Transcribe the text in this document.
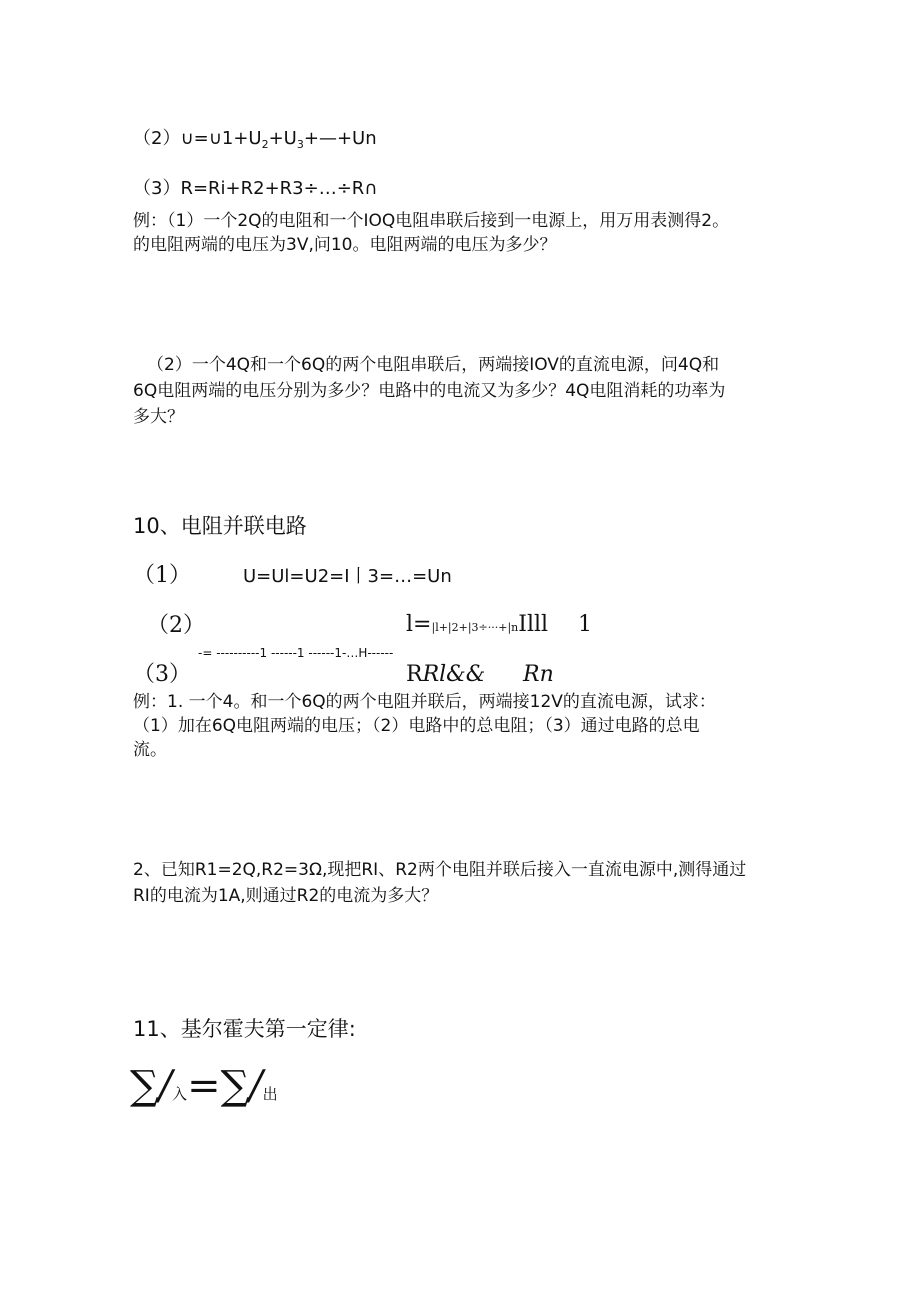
$(2)\cup=\cup 1+U_2+U_3+—+Un$
（3）R=Ri+R2+R3÷…÷R∩
例：（1）一个2Q的电阻和一个IOQ电阻串联后接到一电源上，用万用表测得2。
的电阻两端的电压为3V,问10。电阻两端的电压为多少？
（2）一个4Q和一个6Q的两个电阻串联后，两端接IOV的直流电源，问4Q和
6Q电阻两端的电压分别为多少？电路中的电流又为多少？4Q电阻消耗的功率为
多大？
10、电阻并联电路
（1）	U=Ul=U2=I丨3=…=Un
（2）	l=|l+|2+|3÷···+|nIlll 1
-= ----------1 ------1 ------1-…H------
（3）	RRl&& Rn
例：1. 一个4。和一个6Q的两个电阻并联后，两端接12V的直流电源，试求：
（1）加在6Q电阻两端的电压；（2）电路中的总电阻；（3）通过电路的总电
流。
2、已知R1=2Q,R2=3Ω,现把RI、R2两个电阻并联后接入一直流电源中,测得通过
RI的电流为1A,则通过R2的电流为多大？
11、基尔霍夫第一定律:
∑/入=∑/出
